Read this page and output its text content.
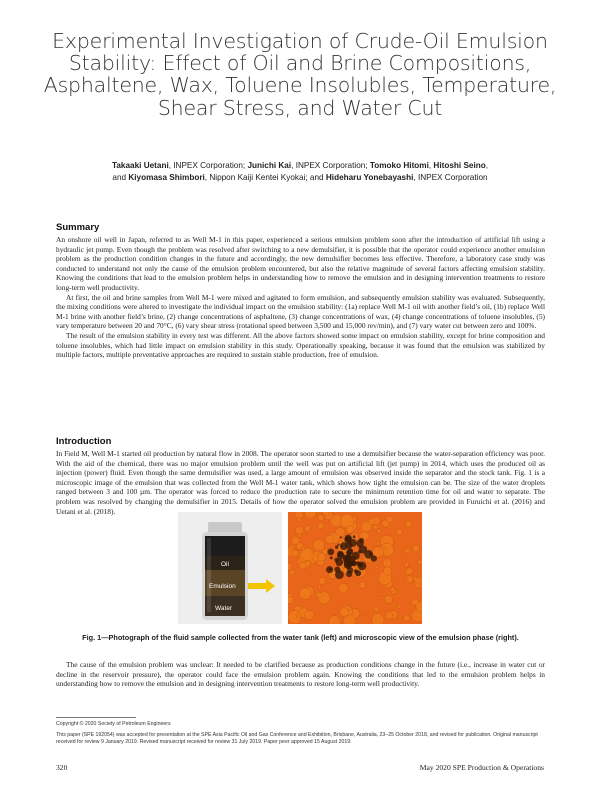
Experimental Investigation of Crude-Oil Emulsion Stability: Effect of Oil and Brine Compositions, Asphaltene, Wax, Toluene Insolubles, Temperature, Shear Stress, and Water Cut
Takaaki Uetani, INPEX Corporation; Junichi Kai, INPEX Corporation; Tomoko Hitomi, Hitoshi Seino,
and Kiyomasa Shimbori, Nippon Kaiji Kentei Kyokai; and Hideharu Yonebayashi, INPEX Corporation
Summary

An onshore oil well in Japan, referred to as Well M-1 in this paper, experienced a serious emulsion problem soon after the introduction of artificial lift using a hydraulic jet pump. Even though the problem was resolved after switching to a new demulsifier, it is possible that the operator could experience another emulsion problem as the production condition changes in the future and accordingly, the new demulsifier becomes less effective. Therefore, a laboratory case study was conducted to understand not only the cause of the emulsion problem encountered, but also the relative magnitude of several factors affecting emulsion stability. Knowing the conditions that lead to the emulsion problem helps in understanding how to remove the emulsion and in designing intervention treatments to restore long-term well productivity.

At first, the oil and brine samples from Well M-1 were mixed and agitated to form emulsion, and subsequently emulsion stability was evaluated. Subsequently, the mixing conditions were altered to investigate the individual impact on the emulsion stability: (1a) replace Well M-1 oil with another field’s oil, (1b) replace Well M-1 brine with another field’s brine, (2) change concentrations of asphaltene, (3) change concentrations of wax, (4) change concentrations of toluene insolubles, (5) vary temperature between 20 and 70°C, (6) vary shear stress (rotational speed between 3,500 and 15,000 rev/min), and (7) vary water cut between zero and 100%.

The result of the emulsion stability in every test was different. All the above factors showed some impact on emulsion stability, except for brine composition and toluene insolubles, which had little impact on emulsion stability in this study. Operationally speaking, because it was found that the emulsion was stabilized by multiple factors, multiple preventative approaches are required to sustain stable production, free of emulsion.

Introduction

In Field M, Well M-1 started oil production by natural flow in 2008. The operator soon started to use a demulsifier because the water-separation efficiency was poor. With the aid of the chemical, there was no major emulsion problem until the well was put on artificial lift (jet pump) in 2014, which uses the produced oil as injection (power) fluid. Even though the same demulsifier was used, a large amount of emulsion was observed inside the separator and the stock tank. Fig. 1 is a microscopic image of the emulsion that was collected from the Well M-1 water tank, which shows how tight the emulsion can be. The size of the water droplets ranged between 3 and 100 µm. The operator was forced to reduce the production rate to secure the minimum retention time for oil and water to separate. The problem was resolved by changing the demulsifier in 2015. Details of how the operator solved the emulsion problem are provided in Furuichi et al. (2016) and Uetani et al. (2018).

Oil
Emulsion
Water
Fig. 1—Photograph of the fluid sample collected from the water tank (left) and microscopic view of the emulsion phase (right).

The cause of the emulsion problem was unclear: It needed to be clarified because as production conditions change in the future (i.e., increase in water cut or decline in the reservoir pressure), the operator could face the emulsion problem again. Knowing the conditions that led to the emulsion problem helps in understanding how to remove the emulsion and in designing intervention treatments to restore long-term well productivity.

Copyright © 2020 Society of Petroleum Engineers
This paper (SPE 192054) was accepted for presentation at the SPE Asia Pacific Oil and Gas Conference and Exhibition, Brisbane, Australia, 23–25 October 2018, and revised for publication. Original manuscript received for review 9 January 2019. Revised manuscript received for review 31 July 2019. Paper peer approved 15 August 2019.
320	May 2020 SPE Production & Operations
